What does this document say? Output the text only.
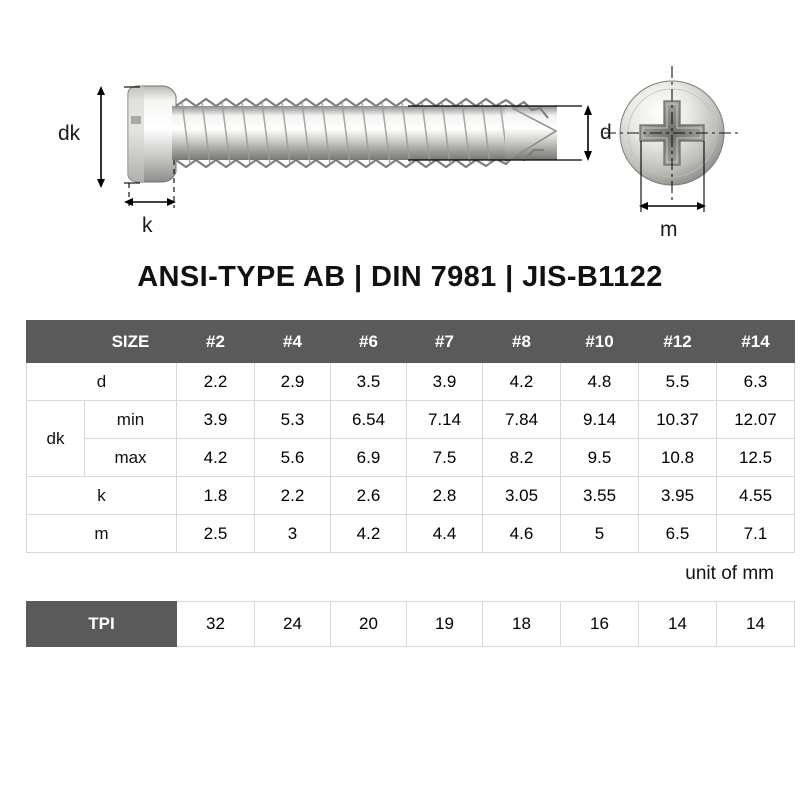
dk
k
d
m
ANSI-TYPE AB | DIN 7981 | JIS-B1122
	SIZE	#2	#4	#6	#7	#8	#10	#12	#14
d		2.2	2.9	3.5	3.9	4.2	4.8	5.5	6.3
dk	min	3.9	5.3	6.54	7.14	7.84	9.14	10.37	12.07
	max	4.2	5.6	6.9	7.5	8.2	9.5	10.8	12.5
k		1.8	2.2	2.6	2.8	3.05	3.55	3.95	4.55
m		2.5	3	4.2	4.4	4.6	5	6.5	7.1
unit of mm
TPI	32	24	20	19	18	16	14	14
